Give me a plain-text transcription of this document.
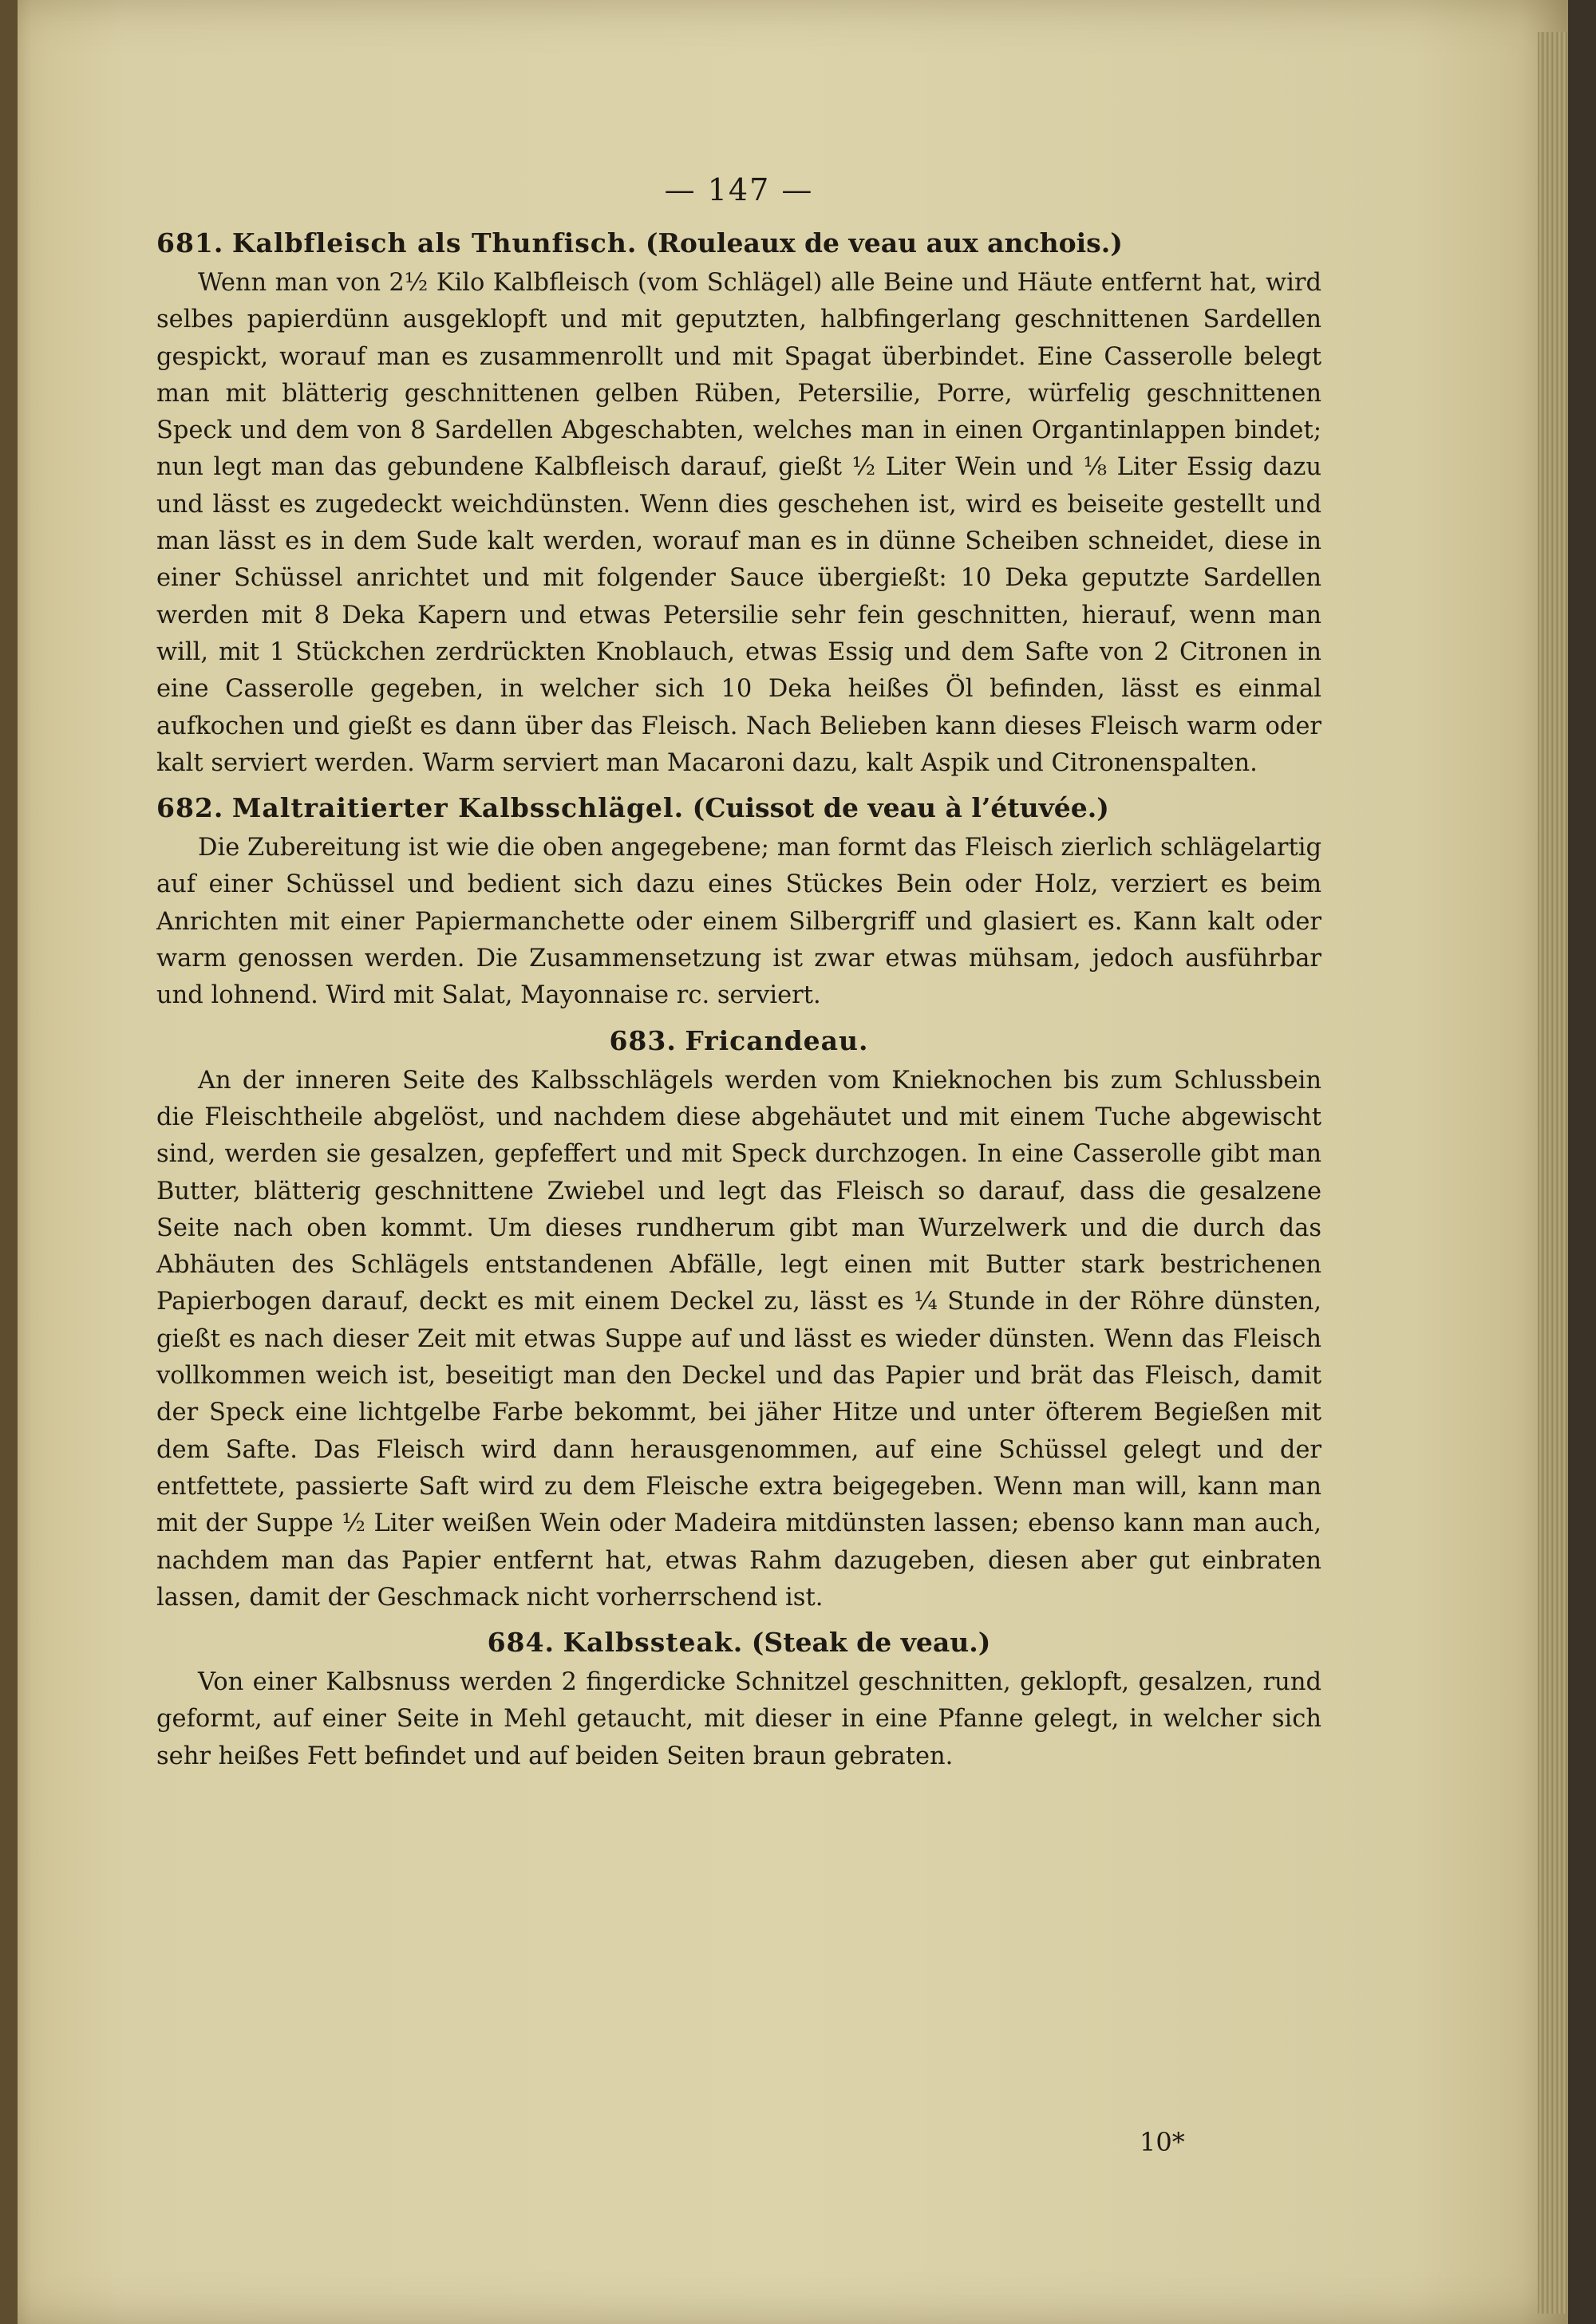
— 147 —

681. Kalbfleisch als Thunfisch. (Rouleaux de veau aux anchois.)

Wenn man von 2½ Kilo Kalbfleisch (vom Schlägel) alle Beine und Häute entfernt hat, wird selbes papierdünn ausgeklopft und mit geputzten, halbfingerlang geschnittenen Sardellen gespickt, worauf man es zusammenrollt und mit Spagat überbindet. Eine Casserolle belegt man mit blätterig geschnittenen gelben Rüben, Petersilie, Porre, würfelig geschnittenen Speck und dem von 8 Sardellen Abgeschabten, welches man in einen Organtinlappen bindet; nun legt man das gebundene Kalbfleisch darauf, gießt ½ Liter Wein und ⅛ Liter Essig dazu und lässt es zugedeckt weichdünsten. Wenn dies geschehen ist, wird es beiseite gestellt und man lässt es in dem Sude kalt werden, worauf man es in dünne Scheiben schneidet, diese in einer Schüssel anrichtet und mit folgender Sauce übergießt: 10 Deka geputzte Sardellen werden mit 8 Deka Kapern und etwas Petersilie sehr fein geschnitten, hierauf, wenn man will, mit 1 Stückchen zerdrückten Knoblauch, etwas Essig und dem Safte von 2 Citronen in eine Casserolle gegeben, in welcher sich 10 Deka heißes Öl befinden, lässt es einmal aufkochen und gießt es dann über das Fleisch. Nach Belieben kann dieses Fleisch warm oder kalt serviert werden. Warm serviert man Macaroni dazu, kalt Aspik und Citronenspalten.

682. Maltraitierter Kalbsschlägel. (Cuissot de veau à l’étuvée.)

Die Zubereitung ist wie die oben angegebene; man formt das Fleisch zierlich schlägelartig auf einer Schüssel und bedient sich dazu eines Stückes Bein oder Holz, verziert es beim Anrichten mit einer Papiermanchette oder einem Silbergriff und glasiert es. Kann kalt oder warm genossen werden. Die Zusammensetzung ist zwar etwas mühsam, jedoch ausführbar und lohnend. Wird mit Salat, Mayonnaise rc. serviert.

683. Fricandeau.

An der inneren Seite des Kalbsschlägels werden vom Knieknochen bis zum Schlussbein die Fleischtheile abgelöst, und nachdem diese abgehäutet und mit einem Tuche abgewischt sind, werden sie gesalzen, gepfeffert und mit Speck durchzogen. In eine Casserolle gibt man Butter, blätterig geschnittene Zwiebel und legt das Fleisch so darauf, dass die gesalzene Seite nach oben kommt. Um dieses rundherum gibt man Wurzelwerk und die durch das Abhäuten des Schlägels entstandenen Abfälle, legt einen mit Butter stark bestrichenen Papierbogen darauf, deckt es mit einem Deckel zu, lässt es ¼ Stunde in der Röhre dünsten, gießt es nach dieser Zeit mit etwas Suppe auf und lässt es wieder dünsten. Wenn das Fleisch vollkommen weich ist, beseitigt man den Deckel und das Papier und brät das Fleisch, damit der Speck eine lichtgelbe Farbe bekommt, bei jäher Hitze und unter öfterem Begießen mit dem Safte. Das Fleisch wird dann herausgenommen, auf eine Schüssel gelegt und der entfettete, passierte Saft wird zu dem Fleische extra beigegeben. Wenn man will, kann man mit der Suppe ½ Liter weißen Wein oder Madeira mitdünsten lassen; ebenso kann man auch, nachdem man das Papier entfernt hat, etwas Rahm dazugeben, diesen aber gut einbraten lassen, damit der Geschmack nicht vorherrschend ist.

684. Kalbssteak. (Steak de veau.)

Von einer Kalbsnuss werden 2 fingerdicke Schnitzel geschnitten, geklopft, gesalzen, rund geformt, auf einer Seite in Mehl getaucht, mit dieser in eine Pfanne gelegt, in welcher sich sehr heißes Fett befindet und auf beiden Seiten braun gebraten.

10*
